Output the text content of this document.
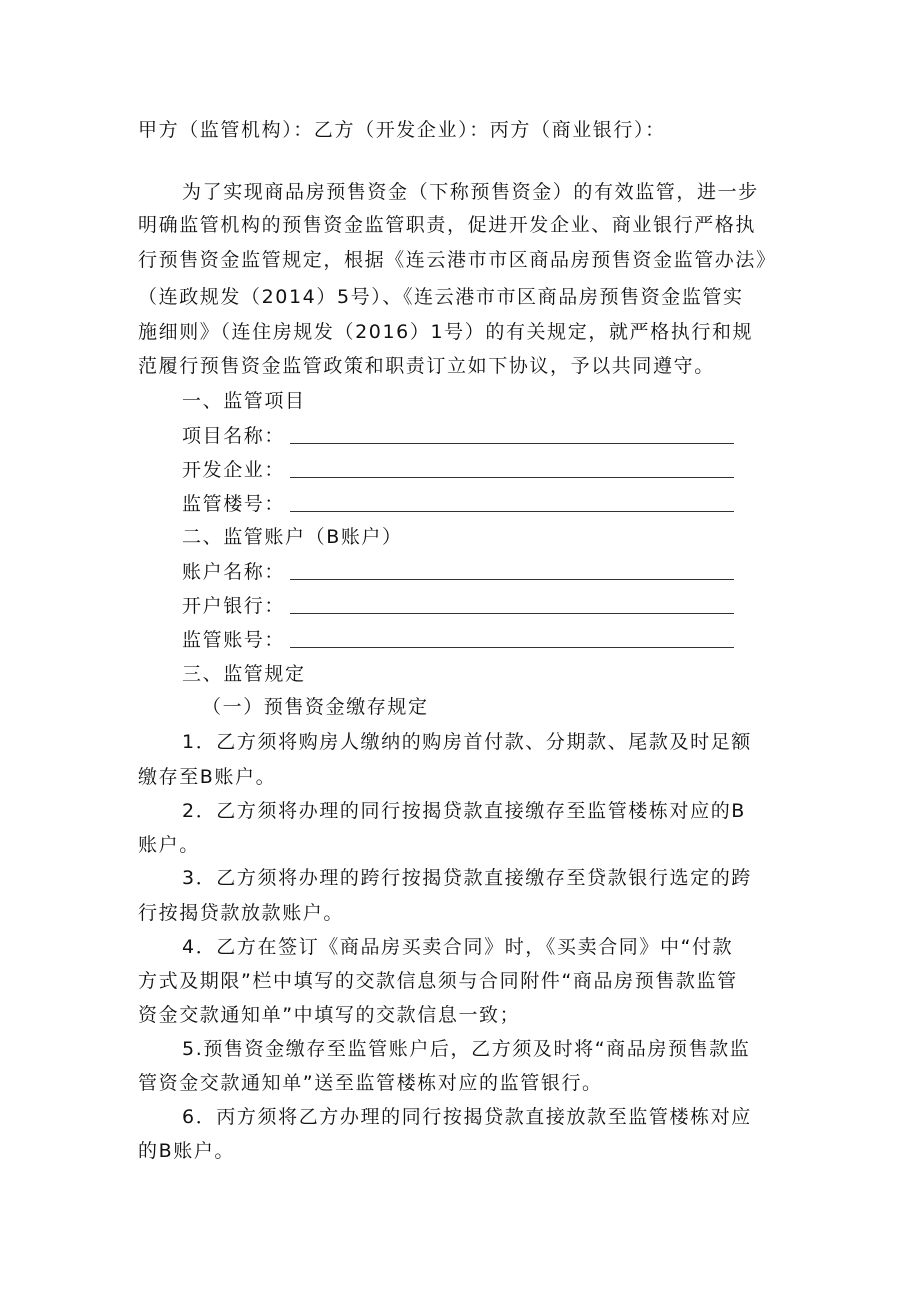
甲方（监管机构）：乙方（开发企业）：丙方（商业银行）：
为了实现商品房预售资金（下称预售资金）的有效监管，进一步
明确监管机构的预售资金监管职责，促进开发企业、商业银行严格执
行预售资金监管规定，根据《连云港市市区商品房预售资金监管办法》
（连政规发（2014）5号）、《连云港市市区商品房预售资金监管实
施细则》（连住房规发（2016）1号）的有关规定，就严格执行和规
范履行预售资金监管政策和职责订立如下协议，予以共同遵守。
一、监管项目
项目名称：
开发企业：
监管楼号：
二、监管账户（B账户）
账户名称：
开户银行：
监管账号：
三、监管规定
（一）预售资金缴存规定
1．乙方须将购房人缴纳的购房首付款、分期款、尾款及时足额
缴存至B账户。
2．乙方须将办理的同行按揭贷款直接缴存至监管楼栋对应的B
账户。
3．乙方须将办理的跨行按揭贷款直接缴存至贷款银行选定的跨
行按揭贷款放款账户。
4．乙方在签订《商品房买卖合同》时，《买卖合同》中“付款
方式及期限”栏中填写的交款信息须与合同附件“商品房预售款监管
资金交款通知单”中填写的交款信息一致；
5.预售资金缴存至监管账户后，乙方须及时将“商品房预售款监
管资金交款通知单”送至监管楼栋对应的监管银行。
6．丙方须将乙方办理的同行按揭贷款直接放款至监管楼栋对应
的B账户。
